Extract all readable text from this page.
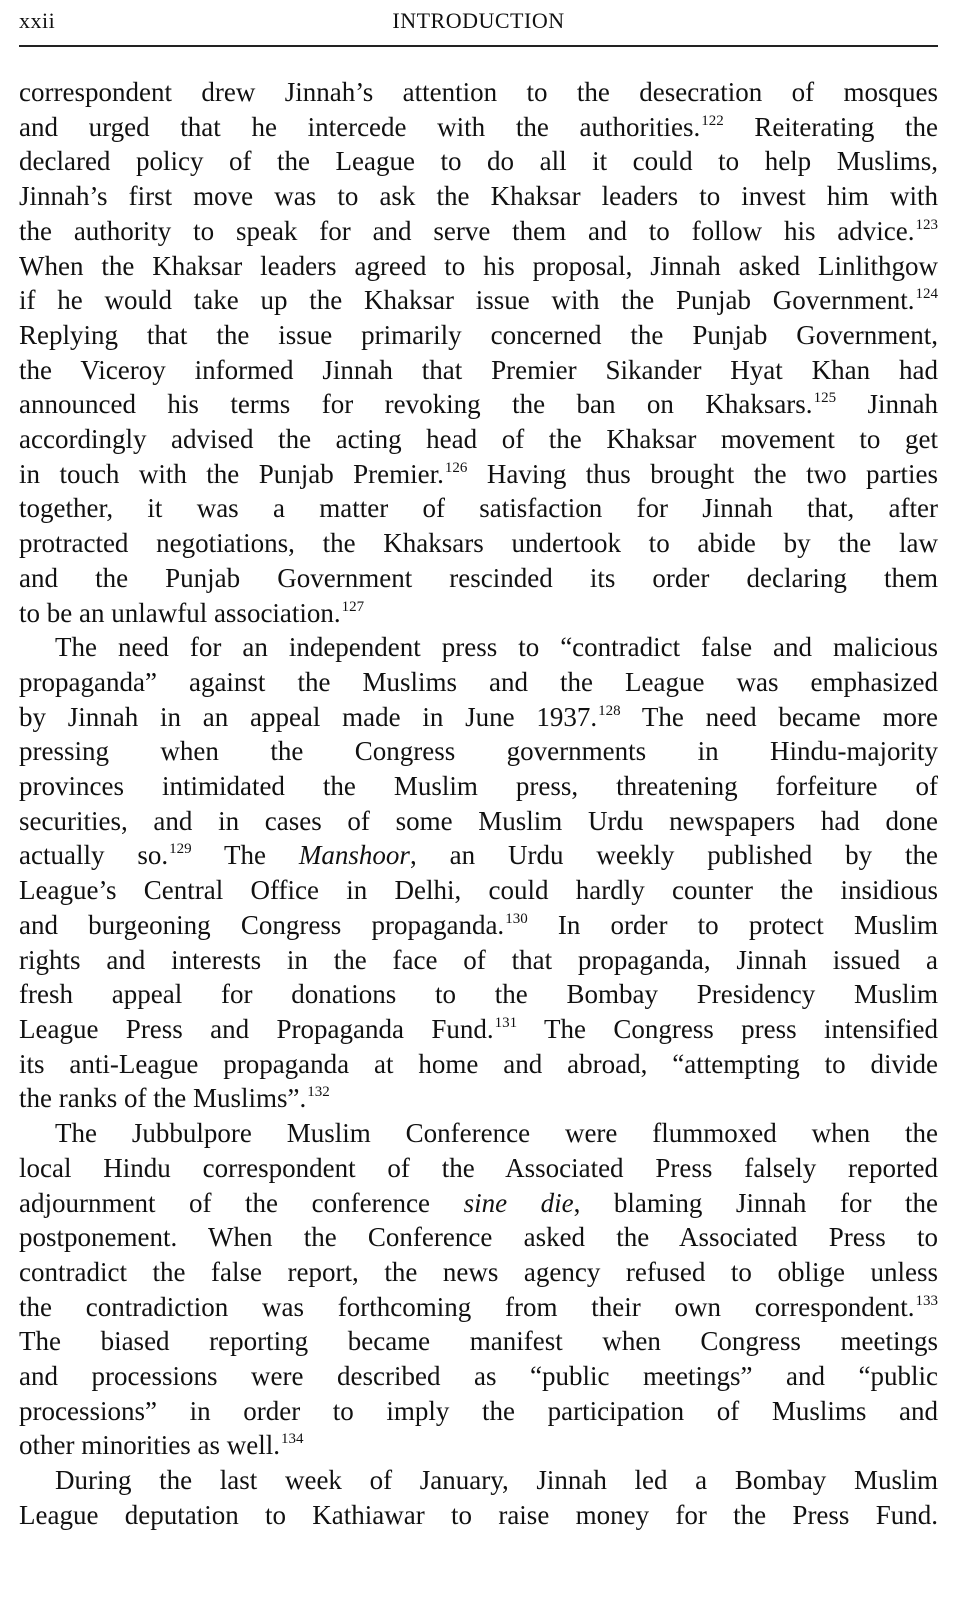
xxii	INTRODUCTION
correspondent drew Jinnah’s attention to the desecration of mosques
and urged that he intercede with the authorities.$^{122}$ Reiterating the
declared policy of the League to do all it could to help Muslims,
Jinnah’s first move was to ask the Khaksar leaders to invest him with
the authority to speak for and serve them and to follow his advice.$^{123}$
When the Khaksar leaders agreed to his proposal, Jinnah asked Linlithgow
if he would take up the Khaksar issue with the Punjab Government.$^{124}$
Replying that the issue primarily concerned the Punjab Government,
the Viceroy informed Jinnah that Premier Sikander Hyat Khan had
announced his terms for revoking the ban on Khaksars.$^{125}$ Jinnah
accordingly advised the acting head of the Khaksar movement to get
in touch with the Punjab Premier.$^{126}$ Having thus brought the two parties
together, it was a matter of satisfaction for Jinnah that, after
protracted negotiations, the Khaksars undertook to abide by the law
and the Punjab Government rescinded its order declaring them
to be an unlawful association.$^{127}$
The need for an independent press to “contradict false and malicious
propaganda” against the Muslims and the League was emphasized
by Jinnah in an appeal made in June 1937.$^{128}$ The need became more
pressing when the Congress governments in Hindu-majority
provinces intimidated the Muslim press, threatening forfeiture of
securities, and in cases of some Muslim Urdu newspapers had done
actually so.$^{129}$ The Manshoor, an Urdu weekly published by the
League’s Central Office in Delhi, could hardly counter the insidious
and burgeoning Congress propaganda.$^{130}$ In order to protect Muslim
rights and interests in the face of that propaganda, Jinnah issued a
fresh appeal for donations to the Bombay Presidency Muslim
League Press and Propaganda Fund.$^{131}$ The Congress press intensified
its anti-League propaganda at home and abroad, “attempting to divide
the ranks of the Muslims”.$^{132}$
The Jubbulpore Muslim Conference were flummoxed when the
local Hindu correspondent of the Associated Press falsely reported
adjournment of the conference sine die, blaming Jinnah for the
postponement. When the Conference asked the Associated Press to
contradict the false report, the news agency refused to oblige unless
the contradiction was forthcoming from their own correspondent.$^{133}$
The biased reporting became manifest when Congress meetings
and processions were described as “public meetings” and “public
processions” in order to imply the participation of Muslims and
other minorities as well.$^{134}$
During the last week of January, Jinnah led a Bombay Muslim
League deputation to Kathiawar to raise money for the Press Fund.
